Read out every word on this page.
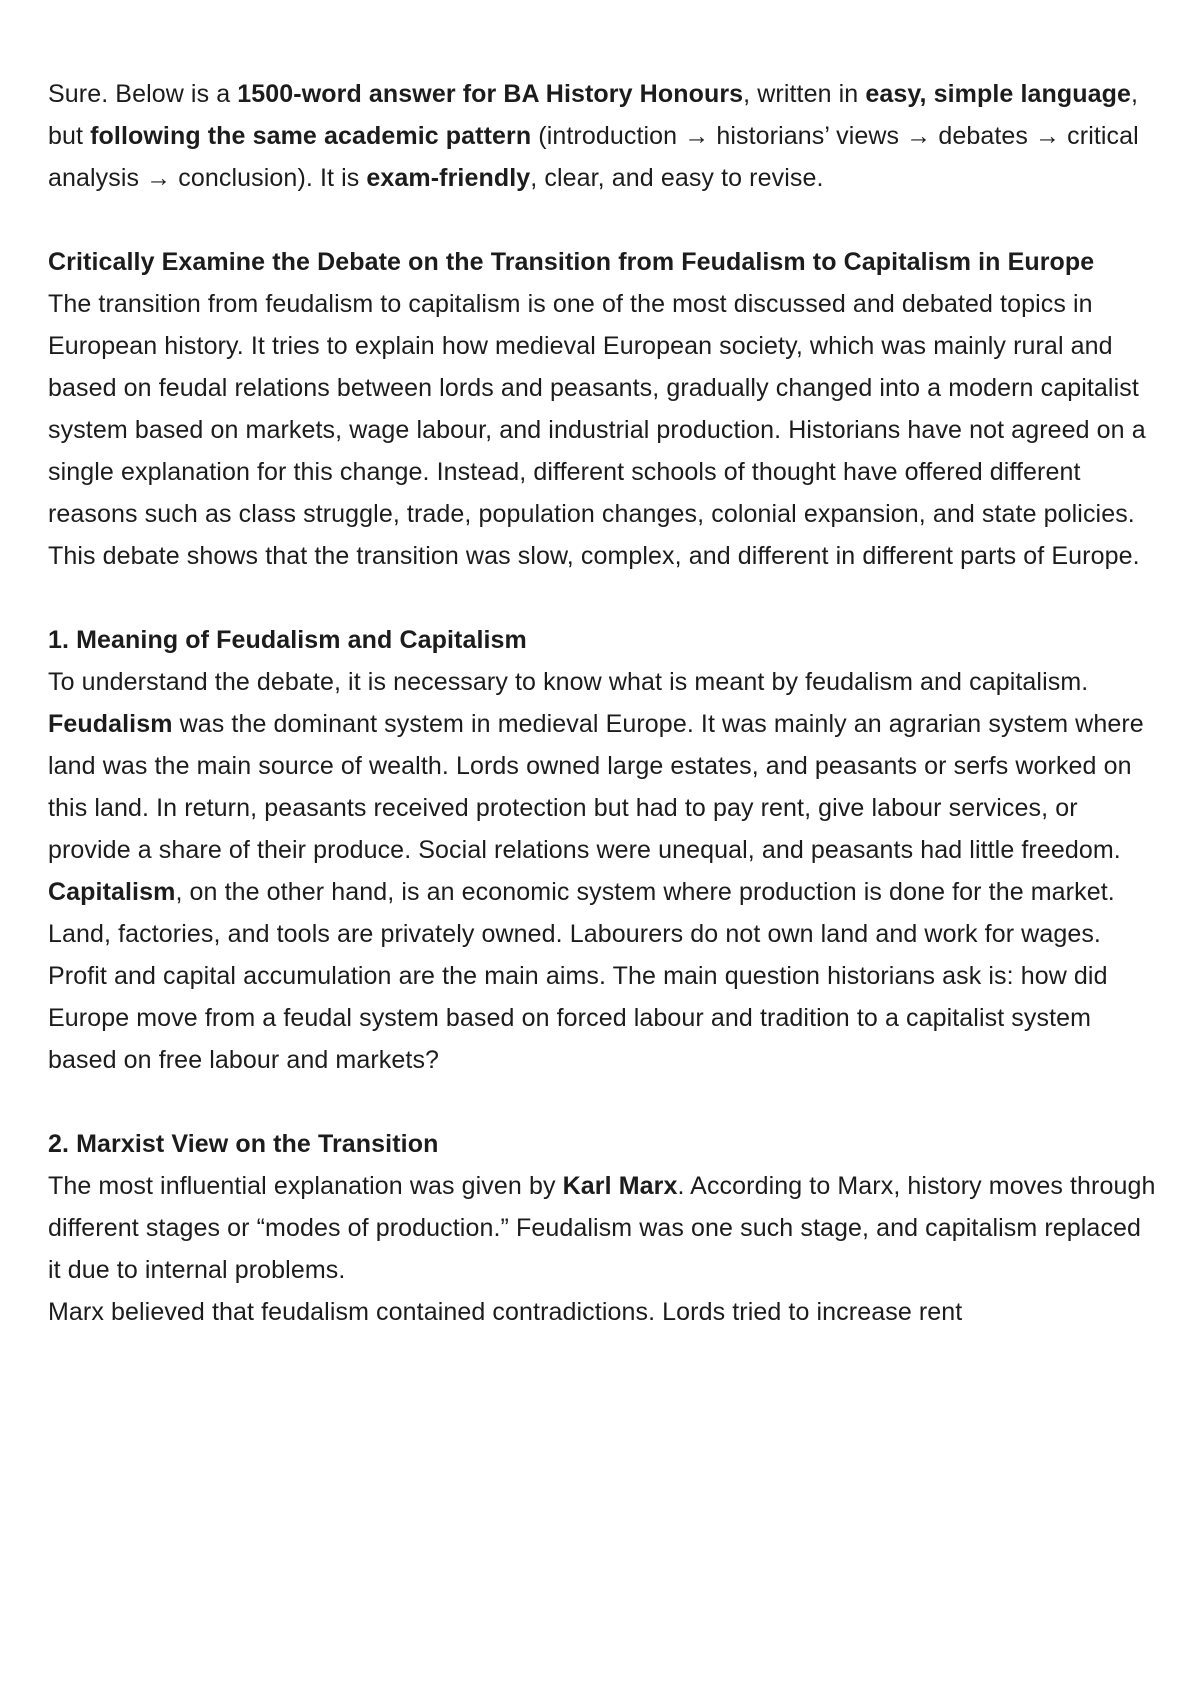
Sure. Below is a 1500-word answer for BA History Honours, written in easy, simple language, but following the same academic pattern (introduction → historians’ views → debates → critical analysis → conclusion). It is exam-friendly, clear, and easy to revise.

Critically Examine the Debate on the Transition from Feudalism to Capitalism in Europe

The transition from feudalism to capitalism is one of the most discussed and debated topics in European history. It tries to explain how medieval European society, which was mainly rural and based on feudal relations between lords and peasants, gradually changed into a modern capitalist system based on markets, wage labour, and industrial production. Historians have not agreed on a single explanation for this change. Instead, different schools of thought have offered different reasons such as class struggle, trade, population changes, colonial expansion, and state policies. This debate shows that the transition was slow, complex, and different in different parts of Europe.

1. Meaning of Feudalism and Capitalism

To understand the debate, it is necessary to know what is meant by feudalism and capitalism.

Feudalism was the dominant system in medieval Europe. It was mainly an agrarian system where land was the main source of wealth. Lords owned large estates, and peasants or serfs worked on this land. In return, peasants received protection but had to pay rent, give labour services, or provide a share of their produce. Social relations were unequal, and peasants had little freedom.

Capitalism, on the other hand, is an economic system where production is done for the market. Land, factories, and tools are privately owned. Labourers do not own land and work for wages. Profit and capital accumulation are the main aims. The main question historians ask is: how did Europe move from a feudal system based on forced labour and tradition to a capitalist system based on free labour and markets?

2. Marxist View on the Transition

The most influential explanation was given by Karl Marx. According to Marx, history moves through different stages or “modes of production.” Feudalism was one such stage, and capitalism replaced it due to internal problems.

Marx believed that feudalism contained contradictions. Lords tried to increase rent
